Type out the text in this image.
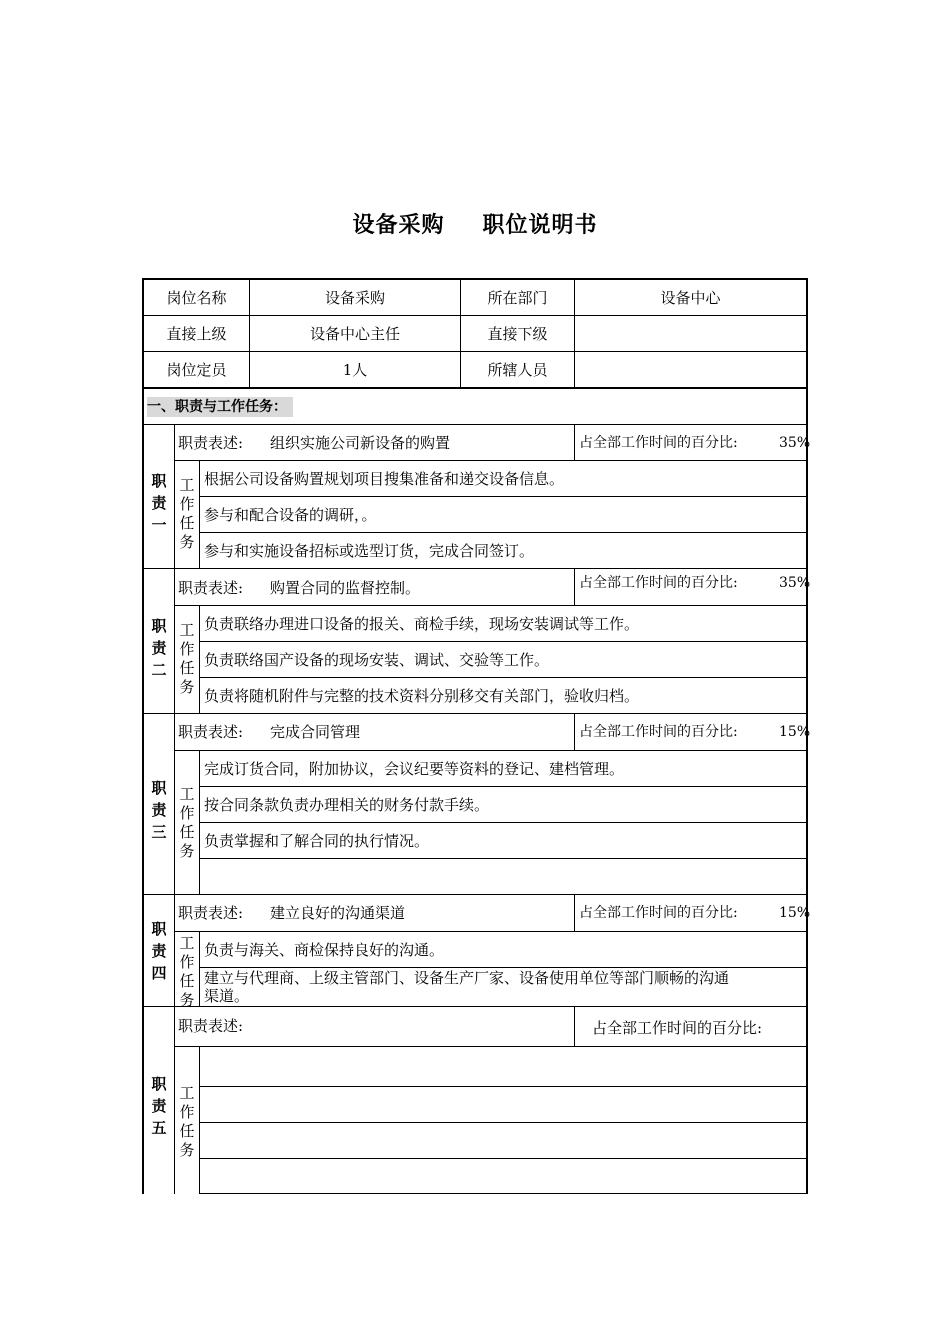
设备采购 职位说明书
岗位名称	设备采购	所在部门	设备中心
直接上级	设备中心主任	直接下级
岗位定员	1人	所辖人员
一、职责与工作任务：
职
责
一
职责表述: 组织实施公司新设备的购置	占全部工作时间的百分比:	35%
工
作
任
务
根据公司设备购置规划项目搜集准备和递交设备信息。
参与和配合设备的调研，。
参与和实施设备招标或选型订货，完成合同签订。
职
责
二
职责表述: 购置合同的监督控制。	占全部工作时间的百分比:	35%
工
作
任
务
负责联络办理进口设备的报关、商检手续，现场安装调试等工作。
负责联络国产设备的现场安装、调试、交验等工作。
负责将随机附件与完整的技术资料分别移交有关部门，验收归档。
职
责
三
职责表述: 完成合同管理	占全部工作时间的百分比:	15%
工
作
任
务
完成订货合同，附加协议，会议纪要等资料的登记、建档管理。
按合同条款负责办理相关的财务付款手续。
负责掌握和了解合同的执行情况。
职
责
四
职责表述: 建立良好的沟通渠道	占全部工作时间的百分比:	15%
工
作
任
务
负责与海关、商检保持良好的沟通。
建立与代理商、上级主管部门、设备生产厂家、设备使用单位等部门顺畅的沟通
渠道。
职
责
五
职责表述:	占全部工作时间的百分比:
工
作
任
务
